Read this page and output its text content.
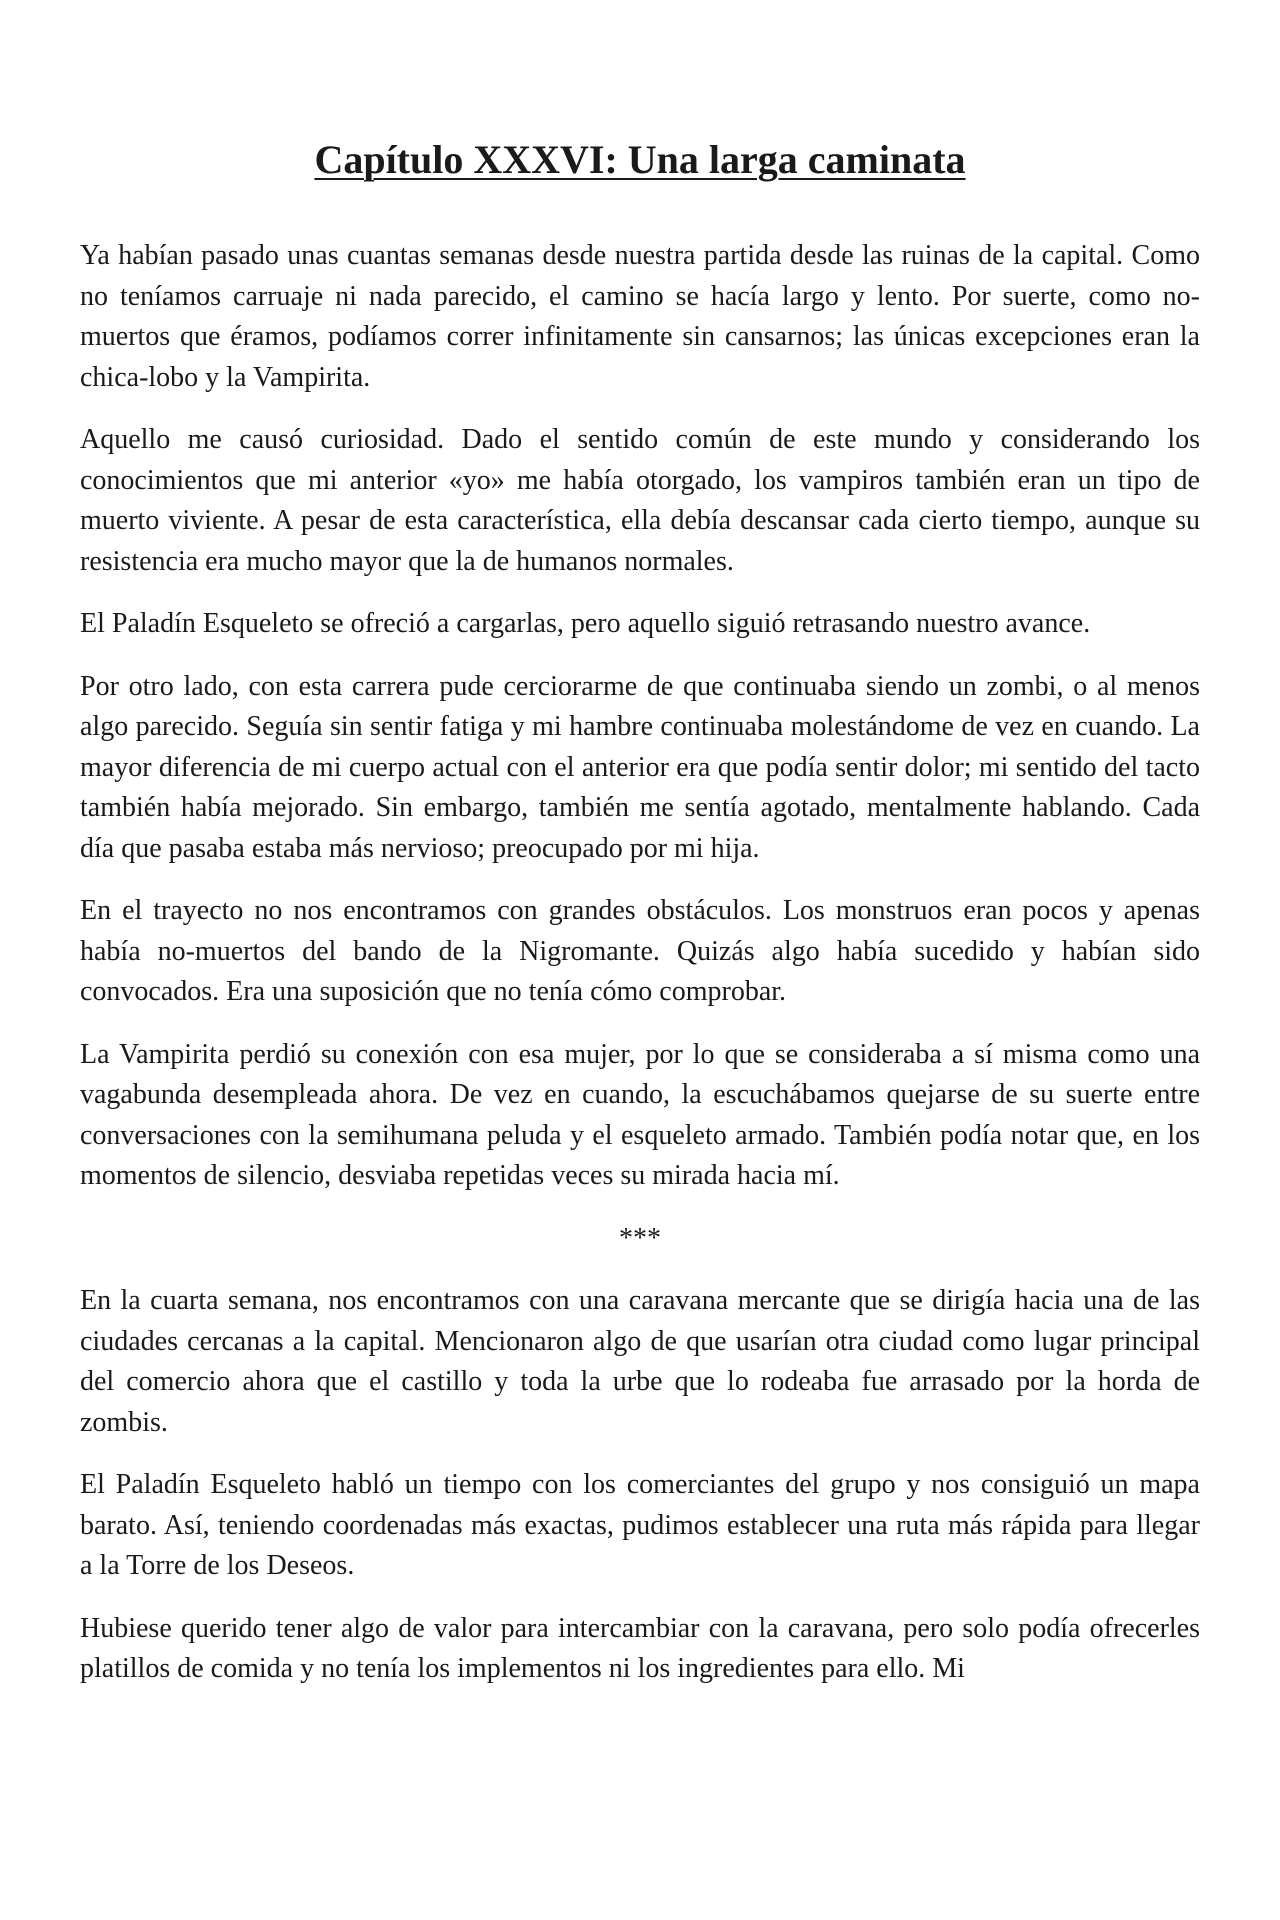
Capítulo XXXVI: Una larga caminata

Ya habían pasado unas cuantas semanas desde nuestra partida desde las ruinas de la capital. Como no teníamos carruaje ni nada parecido, el camino se hacía largo y lento. Por suerte, como no-muertos que éramos, podíamos correr infinitamente sin cansarnos; las únicas excepciones eran la chica-lobo y la Vampirita.

Aquello me causó curiosidad. Dado el sentido común de este mundo y considerando los conocimientos que mi anterior «yo» me había otorgado, los vampiros también eran un tipo de muerto viviente. A pesar de esta característica, ella debía descansar cada cierto tiempo, aunque su resistencia era mucho mayor que la de humanos normales.

El Paladín Esqueleto se ofreció a cargarlas, pero aquello siguió retrasando nuestro avance.

Por otro lado, con esta carrera pude cerciorarme de que continuaba siendo un zombi, o al menos algo parecido. Seguía sin sentir fatiga y mi hambre continuaba molestándome de vez en cuando. La mayor diferencia de mi cuerpo actual con el anterior era que podía sentir dolor; mi sentido del tacto también había mejorado. Sin embargo, también me sentía agotado, mentalmente hablando. Cada día que pasaba estaba más nervioso; preocupado por mi hija.

En el trayecto no nos encontramos con grandes obstáculos. Los monstruos eran pocos y apenas había no-muertos del bando de la Nigromante. Quizás algo había sucedido y habían sido convocados. Era una suposición que no tenía cómo comprobar.

La Vampirita perdió su conexión con esa mujer, por lo que se consideraba a sí misma como una vagabunda desempleada ahora. De vez en cuando, la escuchábamos quejarse de su suerte entre conversaciones con la semihumana peluda y el esqueleto armado. También podía notar que, en los momentos de silencio, desviaba repetidas veces su mirada hacia mí.

***

En la cuarta semana, nos encontramos con una caravana mercante que se dirigía hacia una de las ciudades cercanas a la capital. Mencionaron algo de que usarían otra ciudad como lugar principal del comercio ahora que el castillo y toda la urbe que lo rodeaba fue arrasado por la horda de zombis.

El Paladín Esqueleto habló un tiempo con los comerciantes del grupo y nos consiguió un mapa barato. Así, teniendo coordenadas más exactas, pudimos establecer una ruta más rápida para llegar a la Torre de los Deseos.

Hubiese querido tener algo de valor para intercambiar con la caravana, pero solo podía ofrecerles platillos de comida y no tenía los implementos ni los ingredientes para ello. Mi
